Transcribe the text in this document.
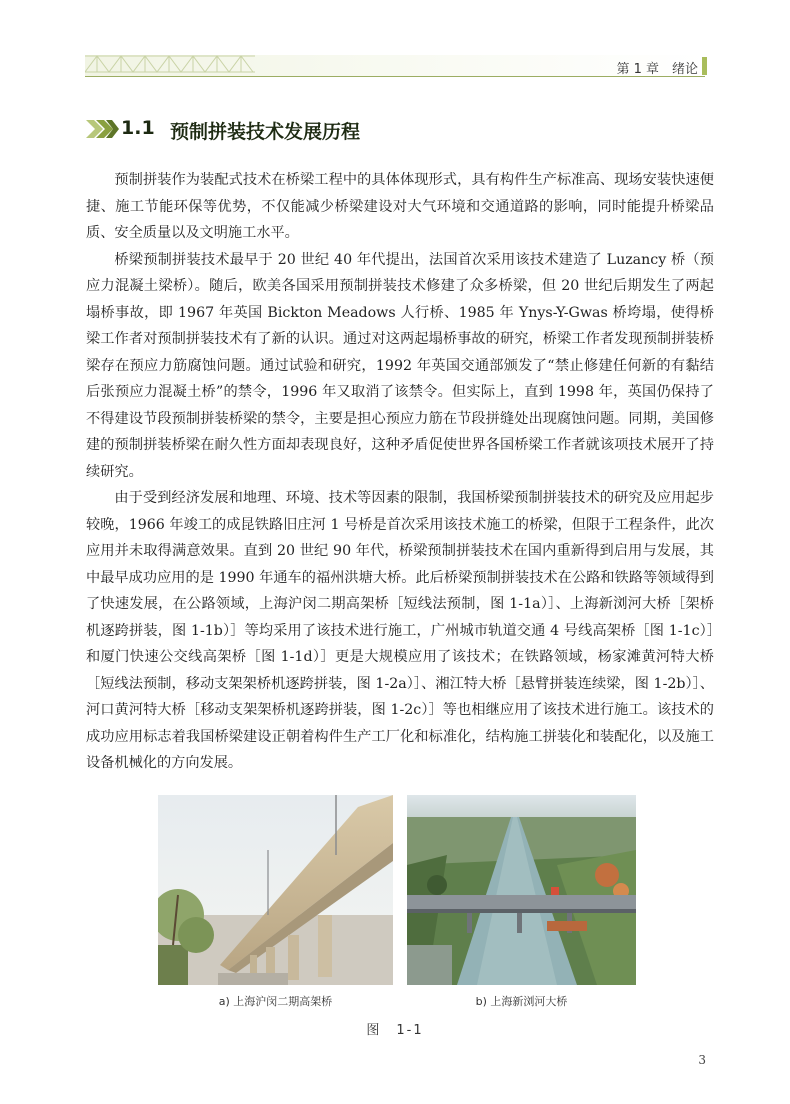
第 1 章　绪论
1.1 预制拼装技术发展历程

预制拼装作为装配式技术在桥梁工程中的具体体现形式，具有构件生产标准高、现场安装快速便捷、施工节能环保等优势，不仅能减少桥梁建设对大气环境和交通道路的影响，同时能提升桥梁品质、安全质量以及文明施工水平。

桥梁预制拼装技术最早于 20 世纪 40 年代提出，法国首次采用该技术建造了 Luzancy 桥（预应力混凝土梁桥）。随后，欧美各国采用预制拼装技术修建了众多桥梁，但 20 世纪后期发生了两起塌桥事故，即 1967 年英国 Bickton Meadows 人行桥、1985 年 Ynys-Y-Gwas 桥垮塌，使得桥梁工作者对预制拼装技术有了新的认识。通过对这两起塌桥事故的研究，桥梁工作者发现预制拼装桥梁存在预应力筋腐蚀问题。通过试验和研究，1992 年英国交通部颁发了“禁止修建任何新的有黏结后张预应力混凝土桥”的禁令，1996 年又取消了该禁令。但实际上，直到 1998 年，英国仍保持了不得建设节段预制拼装桥梁的禁令，主要是担心预应力筋在节段拼缝处出现腐蚀问题。同期，美国修建的预制拼装桥梁在耐久性方面却表现良好，这种矛盾促使世界各国桥梁工作者就该项技术展开了持续研究。

由于受到经济发展和地理、环境、技术等因素的限制，我国桥梁预制拼装技术的研究及应用起步较晚，1966 年竣工的成昆铁路旧庄河 1 号桥是首次采用该技术施工的桥梁，但限于工程条件，此次应用并未取得满意效果。直到 20 世纪 90 年代，桥梁预制拼装技术在国内重新得到启用与发展，其中最早成功应用的是 1990 年通车的福州洪塘大桥。此后桥梁预制拼装技术在公路和铁路等领域得到了快速发展，在公路领域，上海沪闵二期高架桥［短线法预制，图 1-1a）］、上海新浏河大桥［架桥机逐跨拼装，图 1-1b）］等均采用了该技术进行施工，广州城市轨道交通 4 号线高架桥［图 1-1c）］和厦门快速公交线高架桥［图 1-1d）］更是大规模应用了该技术；在铁路领域，杨家滩黄河特大桥［短线法预制，移动支架架桥机逐跨拼装，图 1-2a）］、湘江特大桥［悬臂拼装连续梁，图 1-2b）］、河口黄河特大桥［移动支架架桥机逐跨拼装，图 1-2c）］等也相继应用了该技术进行施工。该技术的成功应用标志着我国桥梁建设正朝着构件生产工厂化和标准化，结构施工拼装化和装配化，以及施工设备机械化的方向发展。

a) 上海沪闵二期高架桥	b) 上海新浏河大桥
图　1-1
3
